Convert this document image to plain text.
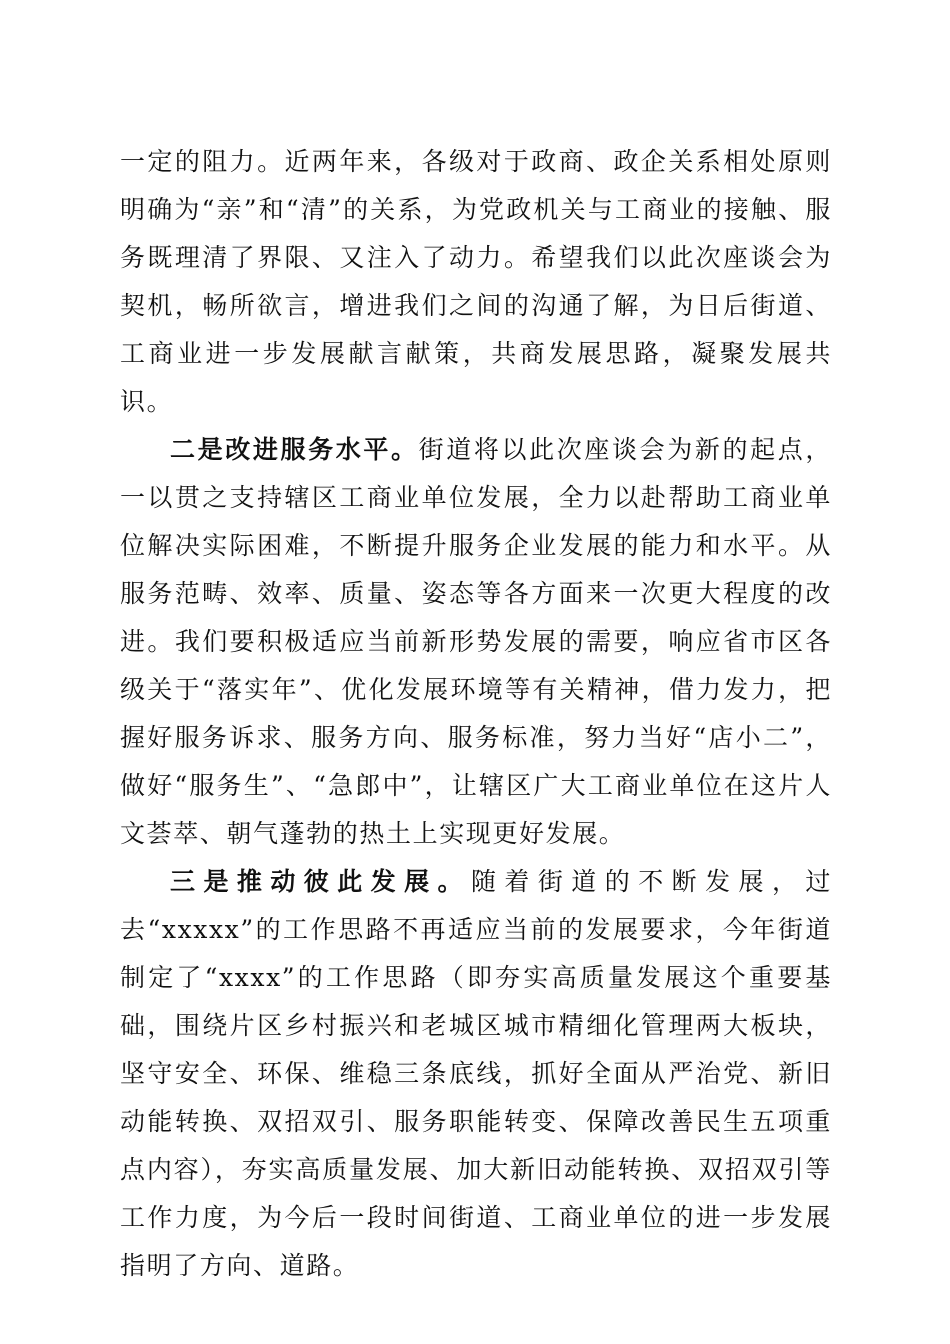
一定的阻力。近两年来，各级对于政商、政企关系相处原则明确为“亲”和“清”的关系，为党政机关与工商业的接触、服务既理清了界限、又注入了动力。希望我们以此次座谈会为契机，畅所欲言，增进我们之间的沟通了解，为日后街道、工商业进一步发展献言献策，共商发展思路，凝聚发展共识。

二是改进服务水平。街道将以此次座谈会为新的起点，一以贯之支持辖区工商业单位发展，全力以赴帮助工商业单位解决实际困难，不断提升服务企业发展的能力和水平。从服务范畴、效率、质量、姿态等各方面来一次更大程度的改进。我们要积极适应当前新形势发展的需要，响应省市区各级关于“落实年”、优化发展环境等有关精神，借力发力，把握好服务诉求、服务方向、服务标准，努力当好“店小二”，做好“服务生”、“急郎中”，让辖区广大工商业单位在这片人文荟萃、朝气蓬勃的热土上实现更好发展。

三是推动彼此发展。随着街道的不断发展，过去“xxxxx”的工作思路不再适应当前的发展要求，今年街道制定了“xxxx”的工作思路（即夯实高质量发展这个重要基础，围绕片区乡村振兴和老城区城市精细化管理两大板块，坚守安全、环保、维稳三条底线，抓好全面从严治党、新旧动能转换、双招双引、服务职能转变、保障改善民生五项重点内容），夯实高质量发展、加大新旧动能转换、双招双引等工作力度，为今后一段时间街道、工商业单位的进一步发展指明了方向、道路。
